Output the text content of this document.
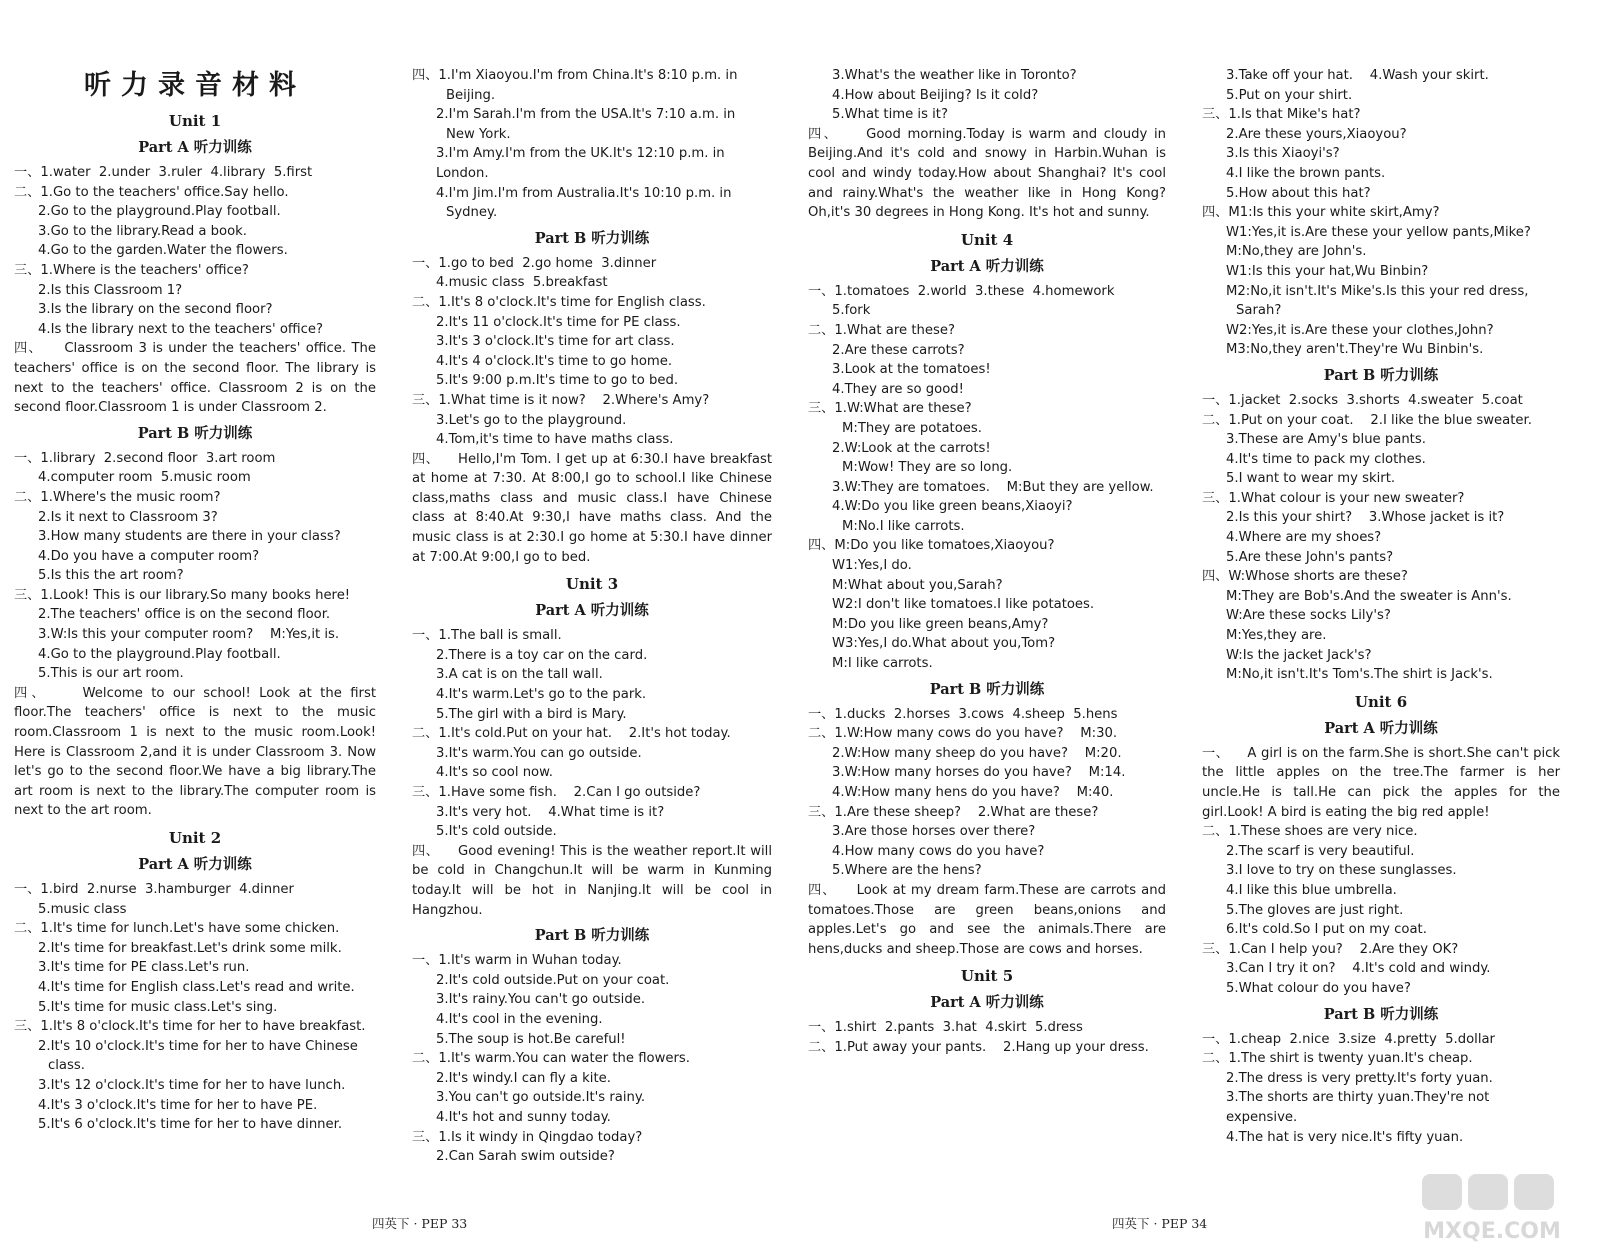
听力录音材料

Unit 1

Part A 听力训练

一、1.water  2.under  3.ruler  4.library  5.first

二、1.Go to the teachers' office.Say hello.

2.Go to the playground.Play football.

3.Go to the library.Read a book.

4.Go to the garden.Water the flowers.

三、1.Where is the teachers' office?

2.Is this Classroom 1?

3.Is the library on the second floor?

4.Is the library next to the teachers' office?

四、    Classroom 3 is under the teachers' office. The teachers' office is on the second floor. The library is next to the teachers' office. Classroom 2 is on the second floor.Classroom 1 is under Classroom 2.

Part B 听力训练

一、1.library  2.second floor  3.art room

4.computer room  5.music room

二、1.Where's the music room?

2.Is it next to Classroom 3?

3.How many students are there in your class?

4.Do you have a computer room?

5.Is this the art room?

三、1.Look! This is our library.So many books here!

2.The teachers' office is on the second floor.

3.W:Is this your computer room?    M:Yes,it is.

4.Go to the playground.Play football.

5.This is our art room.

四、    Welcome to our school! Look at the first floor.The teachers' office is next to the music room.Classroom 1 is next to the music room.Look! Here is Classroom 2,and it is under Classroom 3. Now let's go to the second floor.We have a big library.The art room is next to the library.The computer room is next to the art room.

Unit 2

Part A 听力训练

一、1.bird  2.nurse  3.hamburger  4.dinner

5.music class

二、1.It's time for lunch.Let's have some chicken.

2.It's time for breakfast.Let's drink some milk.

3.It's time for PE class.Let's run.

4.It's time for English class.Let's read and write.

5.It's time for music class.Let's sing.

三、1.It's 8 o'clock.It's time for her to have breakfast.

2.It's 10 o'clock.It's time for her to have Chinese

class.

3.It's 12 o'clock.It's time for her to have lunch.

4.It's 3 o'clock.It's time for her to have PE.

5.It's 6 o'clock.It's time for her to have dinner.

四、1.I'm Xiaoyou.I'm from China.It's 8:10 p.m. in

Beijing.

2.I'm Sarah.I'm from the USA.It's 7:10 a.m. in

New York.

3.I'm Amy.I'm from the UK.It's 12:10 p.m. in London.

4.I'm Jim.I'm from Australia.It's 10:10 p.m. in

Sydney.

Part B 听力训练

一、1.go to bed  2.go home  3.dinner

4.music class  5.breakfast

二、1.It's 8 o'clock.It's time for English class.

2.It's 11 o'clock.It's time for PE class.

3.It's 3 o'clock.It's time for art class.

4.It's 4 o'clock.It's time to go home.

5.It's 9:00 p.m.It's time to go to bed.

三、1.What time is it now?    2.Where's Amy?

3.Let's go to the playground.

4.Tom,it's time to have maths class.

四、    Hello,I'm Tom. I get up at 6:30.I have breakfast at home at 7:30. At 8:00,I go to school.I like Chinese class,maths class and music class.I have Chinese class at 8:40.At 9:30,I have maths class. And the music class is at 2:30.I go home at 5:30.I have dinner at 7:00.At 9:00,I go to bed.

Unit 3

Part A 听力训练

一、1.The ball is small.

2.There is a toy car on the card.

3.A cat is on the tall wall.

4.It's warm.Let's go to the park.

5.The girl with a bird is Mary.

二、1.It's cold.Put on your hat.    2.It's hot today.

3.It's warm.You can go outside.

4.It's so cool now.

三、1.Have some fish.    2.Can I go outside?

3.It's very hot.    4.What time is it?

5.It's cold outside.

四、    Good evening! This is the weather report.It will be cold in Changchun.It will be warm in Kunming today.It will be hot in Nanjing.It will be cool in Hangzhou.

Part B 听力训练

一、1.It's warm in Wuhan today.

2.It's cold outside.Put on your coat.

3.It's rainy.You can't go outside.

4.It's cool in the evening.

5.The soup is hot.Be careful!

二、1.It's warm.You can water the flowers.

2.It's windy.I can fly a kite.

3.You can't go outside.It's rainy.

4.It's hot and sunny today.

三、1.Is it windy in Qingdao today?

2.Can Sarah swim outside?

四英下 · PEP 33

3.What's the weather like in Toronto?

4.How about Beijing? Is it cold?

5.What time is it?

四、    Good morning.Today is warm and cloudy in Beijing.And it's cold and snowy in Harbin.Wuhan is cool and windy today.How about Shanghai? It's cool and rainy.What's the weather like in Hong Kong? Oh,it's 30 degrees in Hong Kong. It's hot and sunny.

Unit 4

Part A 听力训练

一、1.tomatoes  2.world  3.these  4.homework

5.fork

二、1.What are these?

2.Are these carrots?

3.Look at the tomatoes!

4.They are so good!

三、1.W:What are these?

M:They are potatoes.

2.W:Look at the carrots!

M:Wow! They are so long.

3.W:They are tomatoes.    M:But they are yellow.

4.W:Do you like green beans,Xiaoyi?

M:No.I like carrots.

四、M:Do you like tomatoes,Xiaoyou?

W1:Yes,I do.

M:What about you,Sarah?

W2:I don't like tomatoes.I like potatoes.

M:Do you like green beans,Amy?

W3:Yes,I do.What about you,Tom?

M:I like carrots.

Part B 听力训练

一、1.ducks  2.horses  3.cows  4.sheep  5.hens

二、1.W:How many cows do you have?    M:30.

2.W:How many sheep do you have?    M:20.

3.W:How many horses do you have?    M:14.

4.W:How many hens do you have?    M:40.

三、1.Are these sheep?    2.What are these?

3.Are those horses over there?

4.How many cows do you have?

5.Where are the hens?

四、    Look at my dream farm.These are carrots and tomatoes.Those are green beans,onions and apples.Let's go and see the animals.There are hens,ducks and sheep.Those are cows and horses.

Unit 5

Part A 听力训练

一、1.shirt  2.pants  3.hat  4.skirt  5.dress

二、1.Put away your pants.    2.Hang up your dress.

3.Take off your hat.    4.Wash your skirt.

5.Put on your shirt.

三、1.Is that Mike's hat?

2.Are these yours,Xiaoyou?

3.Is this Xiaoyi's?

4.I like the brown pants.

5.How about this hat?

四、M1:Is this your white skirt,Amy?

W1:Yes,it is.Are these your yellow pants,Mike?

M:No,they are John's.

W1:Is this your hat,Wu Binbin?

M2:No,it isn't.It's Mike's.Is this your red dress,

Sarah?

W2:Yes,it is.Are these your clothes,John?

M3:No,they aren't.They're Wu Binbin's.

Part B 听力训练

一、1.jacket  2.socks  3.shorts  4.sweater  5.coat

二、1.Put on your coat.    2.I like the blue sweater.

3.These are Amy's blue pants.

4.It's time to pack my clothes.

5.I want to wear my skirt.

三、1.What colour is your new sweater?

2.Is this your shirt?    3.Whose jacket is it?

4.Where are my shoes?

5.Are these John's pants?

四、W:Whose shorts are these?

M:They are Bob's.And the sweater is Ann's.

W:Are these socks Lily's?

M:Yes,they are.

W:Is the jacket Jack's?

M:No,it isn't.It's Tom's.The shirt is Jack's.

Unit 6

Part A 听力训练

一、    A girl is on the farm.She is short.She can't pick the little apples on the tree.The farmer is her uncle.He is tall.He can pick the apples for the girl.Look! A bird is eating the big red apple!

二、1.These shoes are very nice.

2.The scarf is very beautiful.

3.I love to try on these sunglasses.

4.I like this blue umbrella.

5.The gloves are just right.

6.It's cold.So I put on my coat.

三、1.Can I help you?    2.Are they OK?

3.Can I try it on?    4.It's cold and windy.

5.What colour do you have?

Part B 听力训练

一、1.cheap  2.nice  3.size  4.pretty  5.dollar

二、1.The shirt is twenty yuan.It's cheap.

2.The dress is very pretty.It's forty yuan.

3.The shorts are thirty yuan.They're not expensive.

4.The hat is very nice.It's fifty yuan.

四英下 · PEP 34	MXQE.COM
